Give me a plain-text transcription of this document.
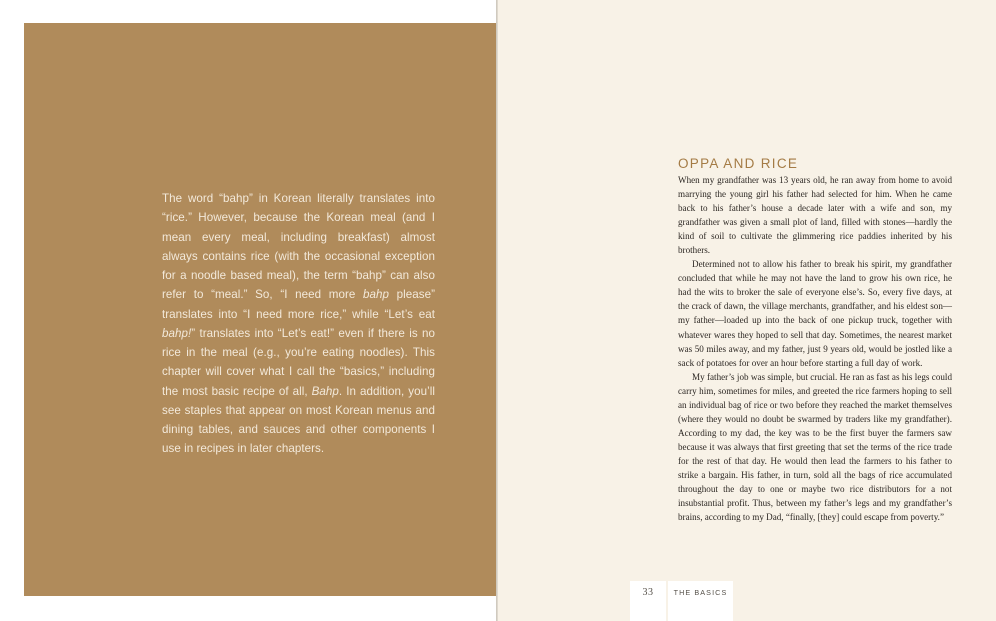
The word “bahp” in Korean literally translates into “rice.” However, because the Korean meal (and I mean every meal, including breakfast) almost always contains rice (with the occasional exception for a noodle based meal), the term “bahp” can also refer to “meal.” So, “I need more bahp please” translates into “I need more rice,” while “Let’s eat bahp!” translates into “Let’s eat!” even if there is no rice in the meal (e.g., you’re eating noodles). This chapter will cover what I call the “basics,” including the most basic recipe of all, Bahp. In addition, you’ll see staples that appear on most Korean menus and dining tables, and sauces and other components I use in recipes in later chapters.
OPPA AND RICE

When my grandfather was 13 years old, he ran away from home to avoid marrying the young girl his father had selected for him. When he came back to his father’s house a decade later with a wife and son, my grandfather was given a small plot of land, filled with stones—hardly the kind of soil to cultivate the glimmering rice paddies inherited by his brothers.

Determined not to allow his father to break his spirit, my grandfather concluded that while he may not have the land to grow his own rice, he had the wits to broker the sale of everyone else’s. So, every five days, at the crack of dawn, the village merchants, grandfather, and his eldest son—my father—loaded up into the back of one pickup truck, together with whatever wares they hoped to sell that day. Sometimes, the nearest market was 50 miles away, and my father, just 9 years old, would be jostled like a sack of potatoes for over an hour before starting a full day of work.

My father’s job was simple, but crucial. He ran as fast as his legs could carry him, sometimes for miles, and greeted the rice farmers hoping to sell an individual bag of rice or two before they reached the market themselves (where they would no doubt be swarmed by traders like my grandfather). According to my dad, the key was to be the first buyer the farmers saw because it was always that first greeting that set the terms of the rice trade for the rest of that day. He would then lead the farmers to his father to strike a bargain. His father, in turn, sold all the bags of rice accumulated throughout the day to one or maybe two rice distributors for a not insubstantial profit. Thus, between my father’s legs and my grandfather’s brains, according to my Dad, “finally, [they] could escape from poverty.”

33	THE BASICS
